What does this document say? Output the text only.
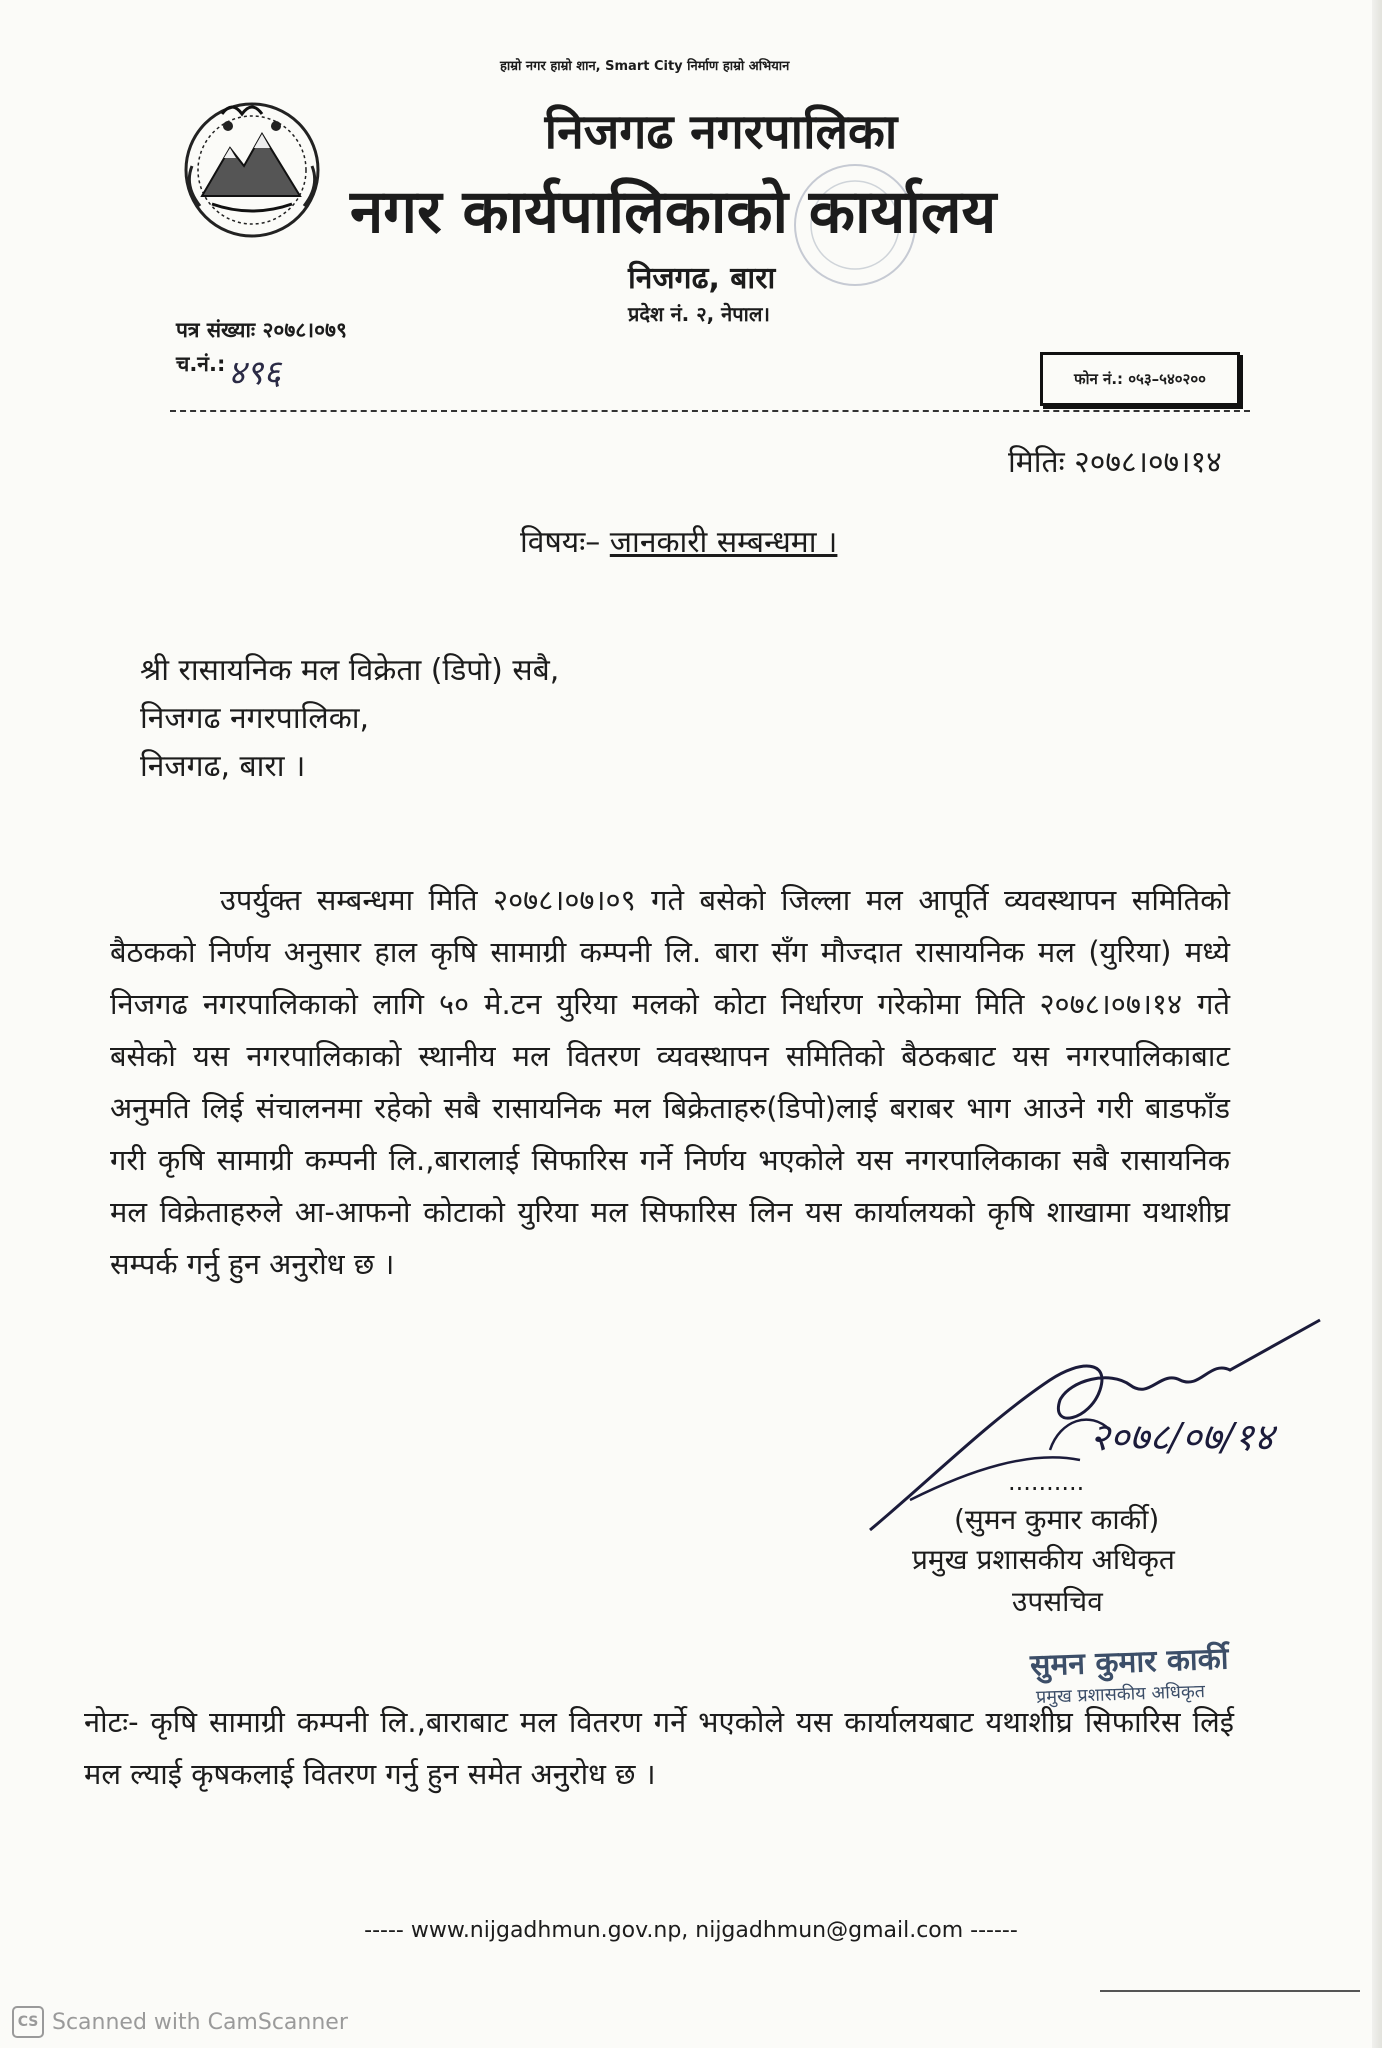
हाम्रो नगर हाम्रो शान, Smart City निर्माण हाम्रो अभियान
निजगढ नगरपालिका
नगर कार्यपालिकाको कार्यालय
निजगढ, बारा
प्रदेश नं. २, नेपाल।
पत्र संख्याः २०७८।०७९
च.नं.: ४९६	फोन नं.: ०५३–५४०२००
मितिः २०७८।०७।१४
विषयः– जानकारी सम्बन्धमा ।
श्री रासायनिक मल विक्रेता (डिपो) सबै,
निजगढ नगरपालिका,
निजगढ, बारा ।

उपर्युक्त सम्बन्धमा मिति २०७८।०७।०९ गते बसेको जिल्ला मल आपूर्ति व्यवस्थापन समितिको बैठकको निर्णय अनुसार हाल कृषि सामाग्री कम्पनी लि. बारा सँग मौज्दात रासायनिक मल (युरिया) मध्ये निजगढ नगरपालिकाको लागि ५० मे.टन युरिया मलको कोटा निर्धारण गरेकोमा मिति २०७८।०७।१४ गते बसेको यस नगरपालिकाको स्थानीय मल वितरण व्यवस्थापन समितिको बैठकबाट यस नगरपालिकाबाट अनुमति लिई संचालनमा रहेको सबै रासायनिक मल बिक्रेताहरु(डिपो)लाई बराबर भाग आउने गरी बाडफाँड गरी कृषि सामाग्री कम्पनी लि.,बारालाई सिफारिस गर्ने निर्णय भएकोले यस नगरपालिकाका सबै रासायनिक मल विक्रेताहरुले आ-आफनो कोटाको युरिया मल सिफारिस लिन यस कार्यालयको कृषि शाखामा यथाशीघ्र सम्पर्क गर्नु हुन अनुरोध छ ।

२०७८/०७/१४
..........
(सुमन कुमार कार्की)
प्रमुख प्रशासकीय अधिकृत
उपसचिव
सुमन कुमार कार्की
प्रमुख प्रशासकीय अधिकृत

नोटः- कृषि सामाग्री कम्पनी लि.,बाराबाट मल वितरण गर्ने भएकोले यस कार्यालयबाट यथाशीघ्र सिफारिस लिई मल ल्याई कृषकलाई वितरण गर्नु हुन समेत अनुरोध छ ।

----- www.nijgadhmun.gov.np, nijgadhmun@gmail.com ------
CS Scanned with CamScanner
